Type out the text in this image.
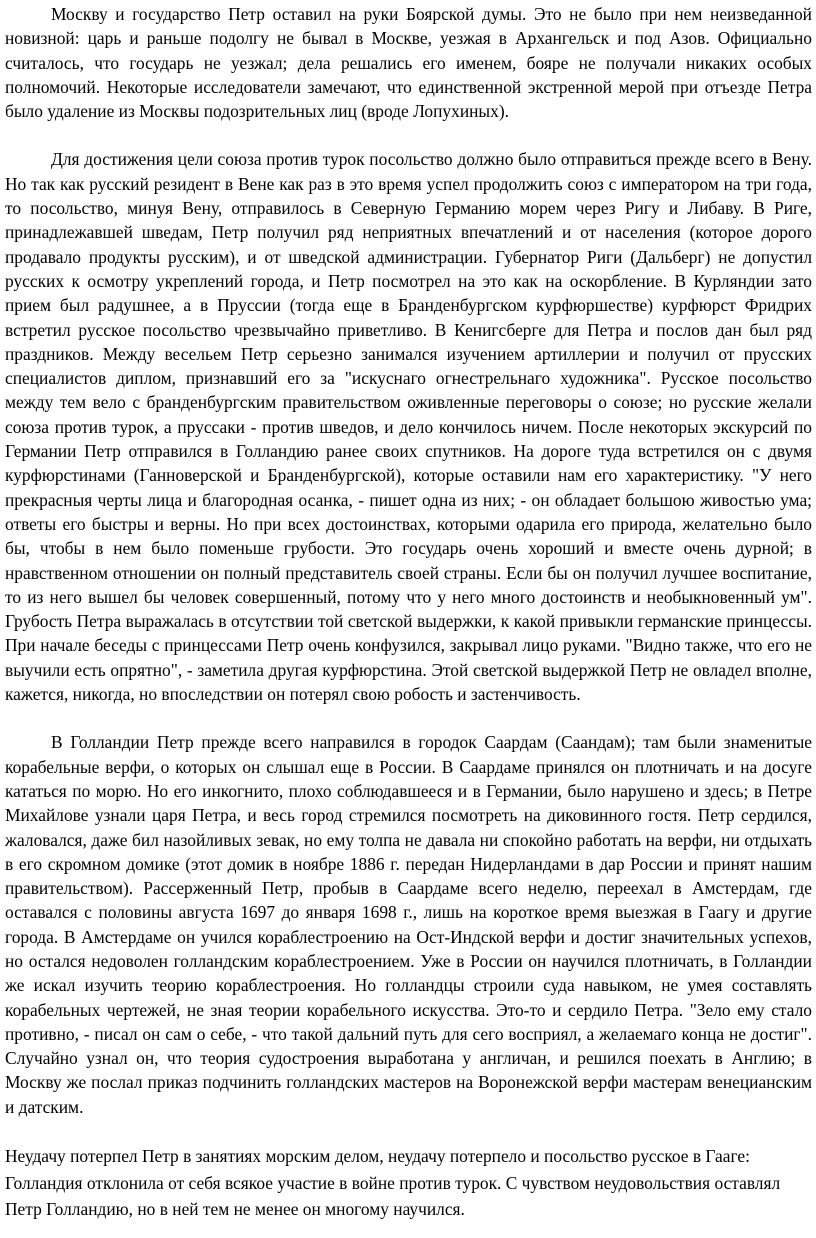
Москву и государство Петр оставил на руки Боярской думы. Это не было при нем неизведанной новизной: царь и раньше подолгу не бывал в Москве, уезжая в Архангельск и под Азов. Официально считалось, что государь не уезжал; дела решались его именем, бояре не получали никаких особых полномочий. Некоторые исследователи замечают, что единственной экстренной мерой при отъезде Петра было удаление из Москвы подозрительных лиц (вроде Лопухиных).

Для достижения цели союза против турок посольство должно было отправиться прежде всего в Вену. Но так как русский резидент в Вене как раз в это время успел продолжить союз с императором на три года, то посольство, минуя Вену, отправилось в Северную Германию морем через Ригу и Либаву. В Риге, принадлежавшей шведам, Петр получил ряд неприятных впечатлений и от населения (которое дорого продавало продукты русским), и от шведской администрации. Губернатор Риги (Дальберг) не допустил русских к осмотру укреплений города, и Петр посмотрел на это как на оскорбление. В Курляндии зато прием был радушнее, а в Пруссии (тогда еще в Бранденбургском курфюршестве) курфюрст Фридрих встретил русское посольство чрезвычайно приветливо. В Кенигсберге для Петра и послов дан был ряд праздников. Между весельем Петр серьезно занимался изучением артиллерии и получил от прусских специалистов диплом, признавший его за "искуснаго огнестрельнаго художника". Русское посольство между тем вело с бранденбургским правительством оживленные переговоры о союзе; но русские желали союза против турок, а пруссаки - против шведов, и дело кончилось ничем. После некоторых экскурсий по Германии Петр отправился в Голландию ранее своих спутников. На дороге туда встретился он с двумя курфюрстинами (Ганноверской и Бранденбургской), которые оставили нам его характеристику. "У него прекрасныя черты лица и благородная осанка, - пишет одна из них; - он обладает большою живостью ума; ответы его быстры и верны. Но при всех достоинствах, которыми одарила его природа, желательно было бы, чтобы в нем было поменьше грубости. Это государь очень хороший и вместе очень дурной; в нравственном отношении он полный представитель своей страны. Если бы он получил лучшее воспитание, то из него вышел бы человек совершенный, потому что у него много достоинств и необыкновенный ум". Грубость Петра выражалась в отсутствии той светской выдержки, к какой привыкли германские принцессы. При начале беседы с принцессами Петр очень конфузился, закрывал лицо руками. "Видно также, что его не выучили есть опрятно", - заметила другая курфюрстина. Этой светской выдержкой Петр не овладел вполне, кажется, никогда, но впоследствии он потерял свою робость и застенчивость.

В Голландии Петр прежде всего направился в городок Саардам (Саандам); там были знаменитые корабельные верфи, о которых он слышал еще в России. В Саардаме принялся он плотничать и на досуге кататься по морю. Но его инкогнито, плохо соблюдавшееся и в Германии, было нарушено и здесь; в Петре Михайлове узнали царя Петра, и весь город стремился посмотреть на диковинного гостя. Петр сердился, жаловался, даже бил назойливых зевак, но ему толпа не давала ни спокойно работать на верфи, ни отдыхать в его скромном домике (этот домик в ноябре 1886 г. передан Нидерландами в дар России и принят нашим правительством). Рассерженный Петр, пробыв в Саардаме всего неделю, переехал в Амстердам, где оставался с половины августа 1697 до января 1698 г., лишь на короткое время выезжая в Гаагу и другие города. В Амстердаме он учился кораблестроению на Ост-Индской верфи и достиг значительных успехов, но остался недоволен голландским кораблестроением. Уже в России он научился плотничать, в Голландии же искал изучить теорию кораблестроения. Но голландцы строили суда навыком, не умея составлять корабельных чертежей, не зная теории корабельного искусства. Это-то и сердило Петра. "Зело ему стало противно, - писал он сам о себе, - что такой дальний путь для сего восприял, а желаемаго конца не достиг". Случайно узнал он, что теория судостроения выработана у англичан, и решился поехать в Англию; в Москву же послал приказ подчинить голландских мастеров на Воронежской верфи мастерам венецианским и датским.

Неудачу потерпел Петр в занятиях морским делом, неудачу потерпело и посольство русское в Гааге: Голландия отклонила от себя всякое участие в войне против турок. С чувством неудовольствия оставлял Петр Голландию, но в ней тем не менее он многому научился.
